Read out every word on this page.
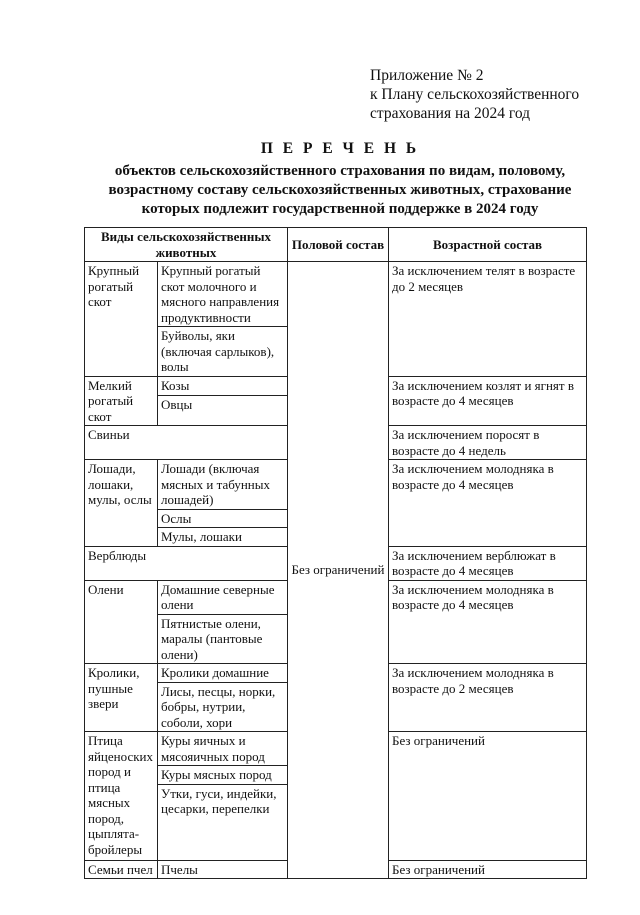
Приложение № 2
к Плану сельскохозяйственного
страхования на 2024 год
П Е Р Е Ч Е Н Ь
объектов сельскохозяйственного страхования по видам, половому,
возрастному составу сельскохозяйственных животных, страхование
которых подлежит государственной поддержке в 2024 году
Виды сельскохозяйственных животных		Половой состав	Возрастной состав
Крупный рогатый скот	Крупный рогатый скот молочного и мясного направления продуктивности	Без ограничений	За исключением телят в возрасте до 2 месяцев
	Буйволы, яки (включая сарлыков), волы		
Мелкий рогатый скот	Козы		За исключением козлят и ягнят в возрасте до 4 месяцев
	Овцы		
Свиньи			За исключением поросят в возрасте до 4 недель
Лошади, лошаки, мулы, ослы	Лошади (включая мясных и табунных лошадей)		За исключением молодняка в возрасте до 4 месяцев
	Ослы		
	Мулы, лошаки		
Верблюды			За исключением верблюжат в возрасте до 4 месяцев
Олени	Домашние северные олени		За исключением молодняка в возрасте до 4 месяцев
	Пятнистые олени, маралы (пантовые олени)		
Кролики, пушные звери	Кролики домашние		За исключением молодняка в возрасте до 2 месяцев
	Лисы, песцы, норки, бобры, нутрии, соболи, хори		
Птица яйценоских пород и птица мясных пород, цыплята-бройлеры	Куры яичных и мясояичных пород		Без ограничений
	Куры мясных пород		
	Утки, гуси, индейки, цесарки, перепелки		
Семьи пчел	Пчелы		Без ограничений
